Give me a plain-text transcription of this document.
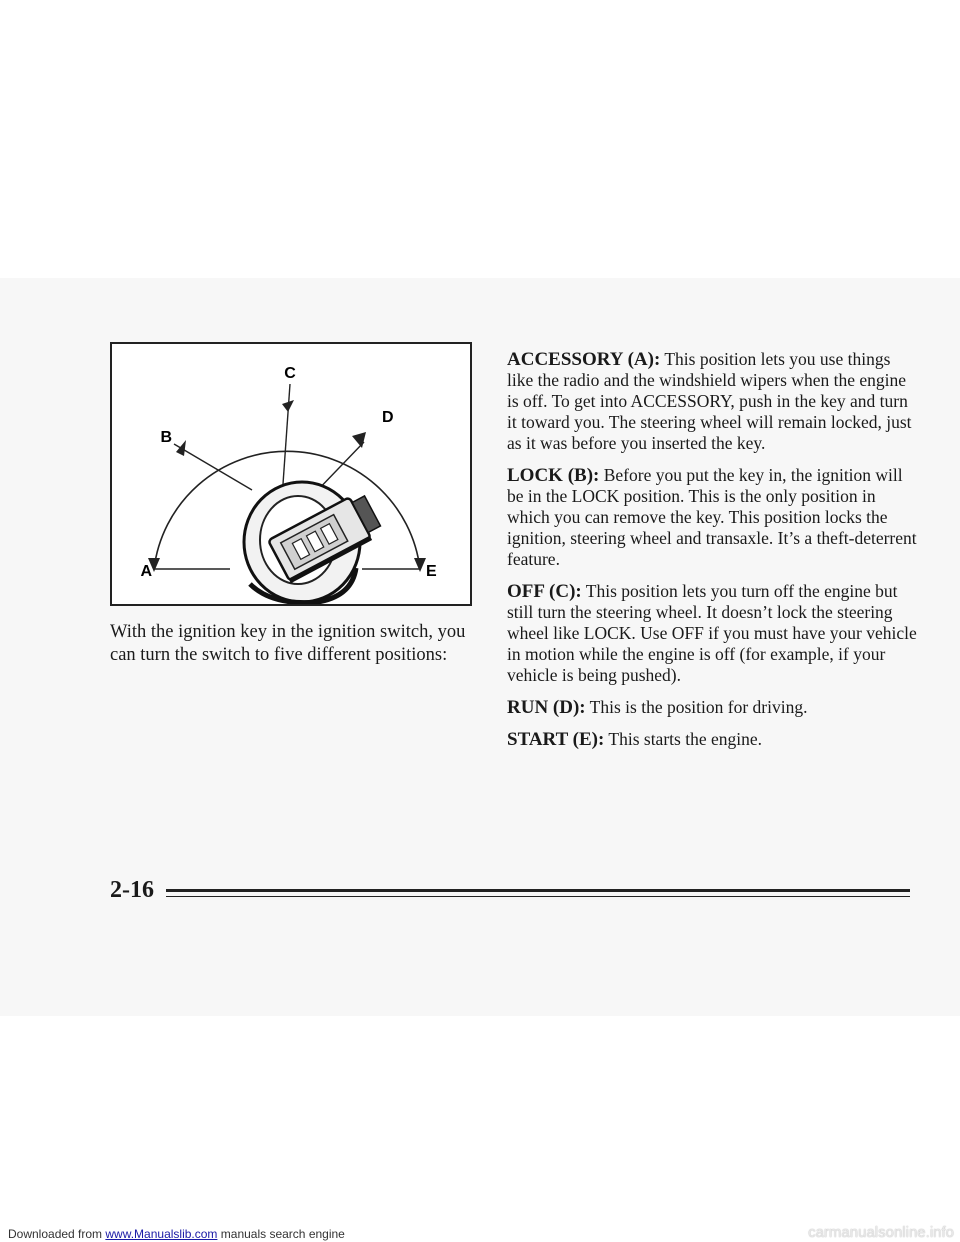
A
B
C
D
E
With the ignition key in the ignition switch, you can turn the switch to five different positions:

ACCESSORY (A): This position lets you use things like the radio and the windshield wipers when the engine is off. To get into ACCESSORY, push in the key and turn it toward you. The steering wheel will remain locked, just as it was before you inserted the key.

LOCK (B): Before you put the key in, the ignition will be in the LOCK position. This is the only position in which you can remove the key. This position locks the ignition, steering wheel and transaxle. It’s a theft-deterrent feature.

OFF (C): This position lets you turn off the engine but still turn the steering wheel. It doesn’t lock the steering wheel like LOCK. Use OFF if you must have your vehicle in motion while the engine is off (for example, if your vehicle is being pushed).

RUN (D): This is the position for driving.

START (E): This starts the engine.

2-16
Downloaded from www.Manualslib.com manuals search engine	carmanualsonline.info
